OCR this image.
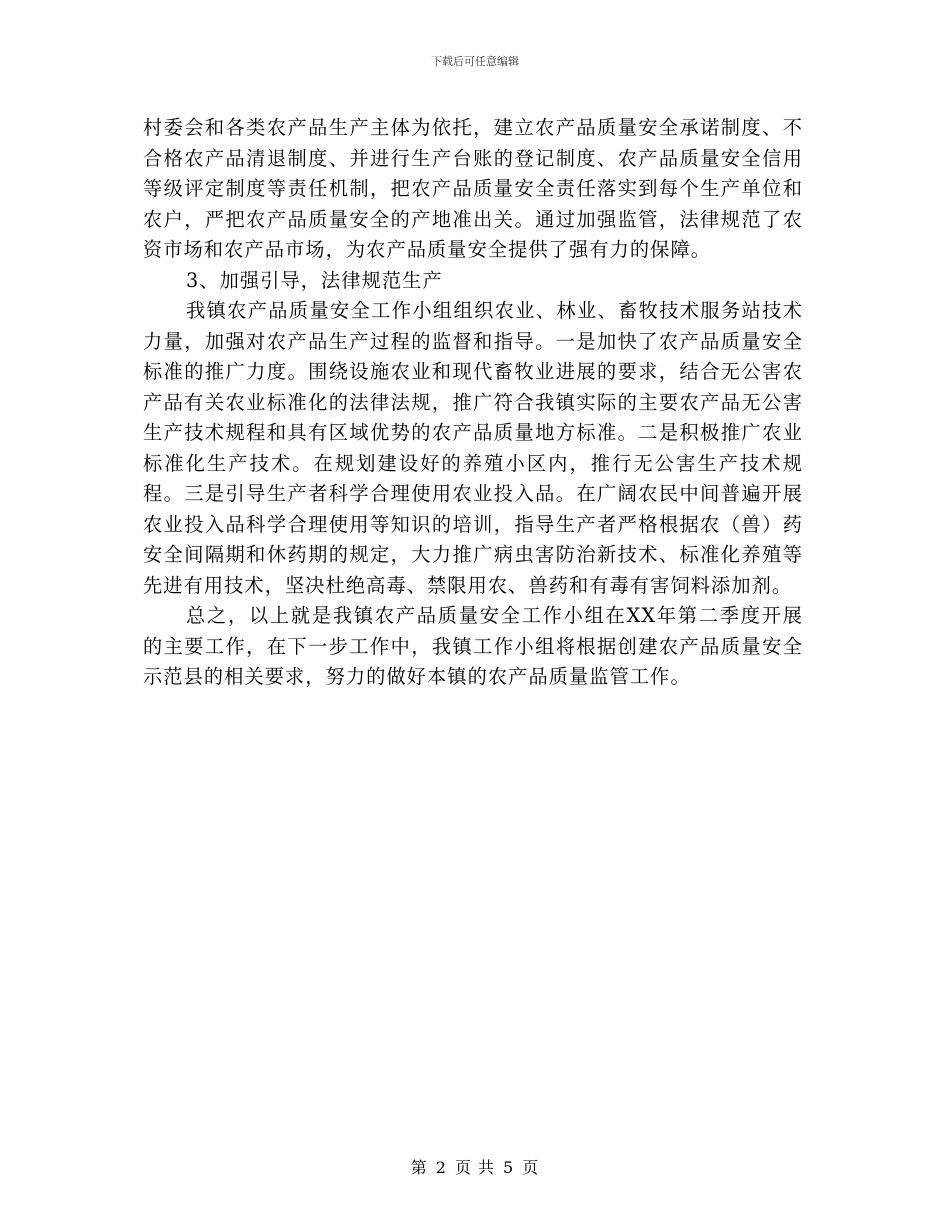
下载后可任意编辑

村委会和各类农产品生产主体为依托，建立农产品质量安全承诺制度、不合格农产品清退制度、并进行生产台账的登记制度、农产品质量安全信用等级评定制度等责任机制，把农产品质量安全责任落实到每个生产单位和农户，严把农产品质量安全的产地准出关。通过加强监管，法律规范了农资市场和农产品市场，为农产品质量安全提供了强有力的保障。

3、加强引导，法律规范生产

我镇农产品质量安全工作小组组织农业、林业、畜牧技术服务站技术力量，加强对农产品生产过程的监督和指导。一是加快了农产品质量安全标准的推广力度。围绕设施农业和现代畜牧业进展的要求，结合无公害农产品有关农业标准化的法律法规，推广符合我镇实际的主要农产品无公害生产技术规程和具有区域优势的农产品质量地方标准。二是积极推广农业标准化生产技术。在规划建设好的养殖小区内，推行无公害生产技术规程。三是引导生产者科学合理使用农业投入品。在广阔农民中间普遍开展农业投入品科学合理使用等知识的培训，指导生产者严格根据农（兽）药安全间隔期和休药期的规定，大力推广病虫害防治新技术、标准化养殖等先进有用技术，坚决杜绝高毒、禁限用农、兽药和有毒有害饲料添加剂。

总之，以上就是我镇农产品质量安全工作小组在XX年第二季度开展的主要工作，在下一步工作中，我镇工作小组将根据创建农产品质量安全示范县的相关要求，努力的做好本镇的农产品质量监管工作。

第 2 页 共 5 页
